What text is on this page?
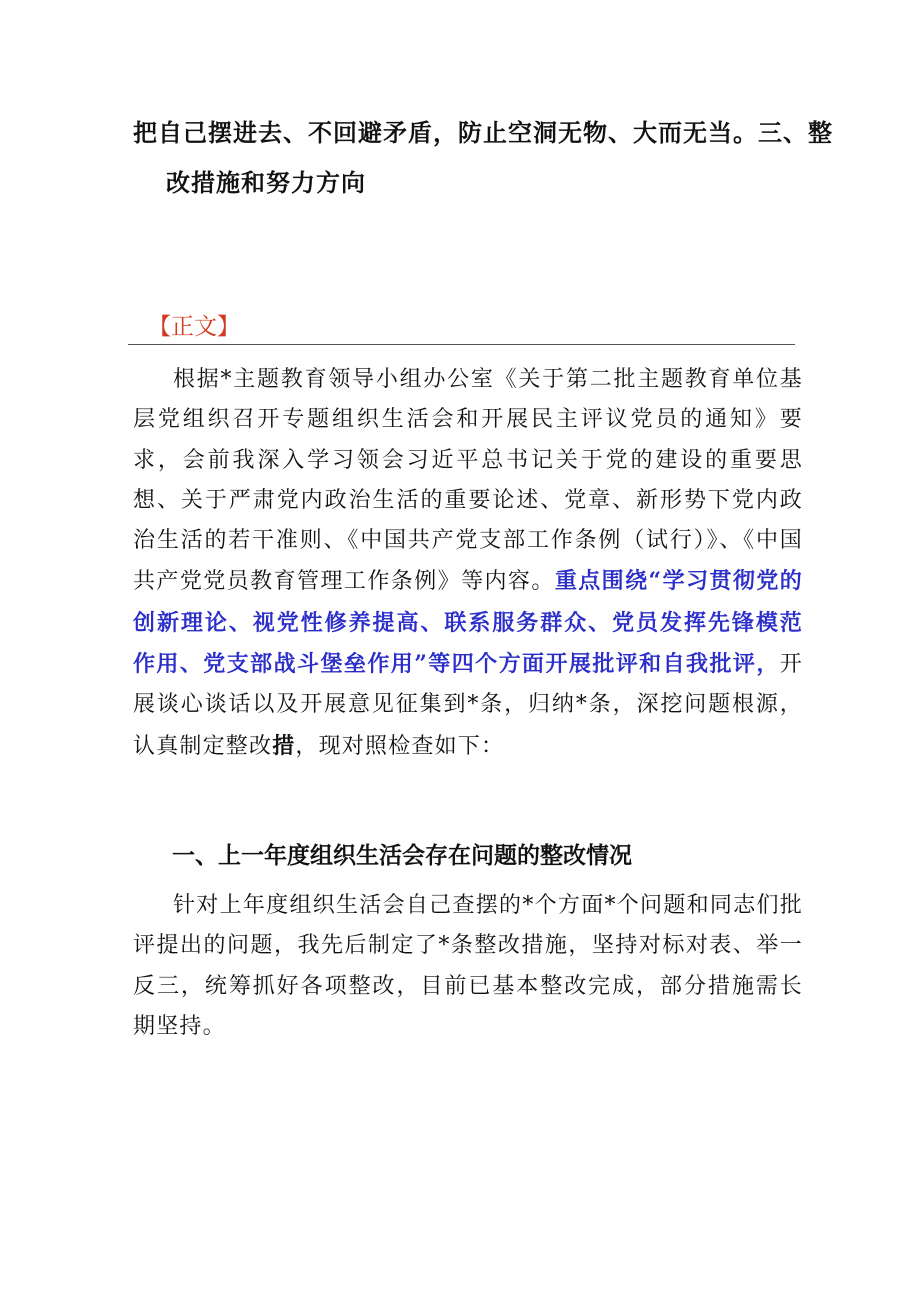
把自己摆进去、不回避矛盾，防止空洞无物、大而无当。三、整
改措施和努力方向
【正文】
根据*主题教育领导小组办公室《关于第二批主题教育单位基层党组织召开专题组织生活会和开展民主评议党员的通知》要求，会前我深入学习领会习近平总书记关于党的建设的重要思想、关于严肃党内政治生活的重要论述、党章、新形势下党内政治生活的若干准则、《中国共产党支部工作条例（试行）》、《中国共产党党员教育管理工作条例》等内容。重点围绕“学习贯彻党的创新理论、视党性修养提高、联系服务群众、党员发挥先锋模范作用、党支部战斗堡垒作用”等四个方面开展批评和自我批评，开展谈心谈话以及开展意见征集到*条，归纳*条，深挖问题根源，认真制定整改措，现对照检查如下：
一、上一年度组织生活会存在问题的整改情况
针对上年度组织生活会自己查摆的*个方面*个问题和同志们批评提出的问题，我先后制定了*条整改措施，坚持对标对表、举一反三，统筹抓好各项整改，目前已基本整改完成，部分措施需长期坚持。
